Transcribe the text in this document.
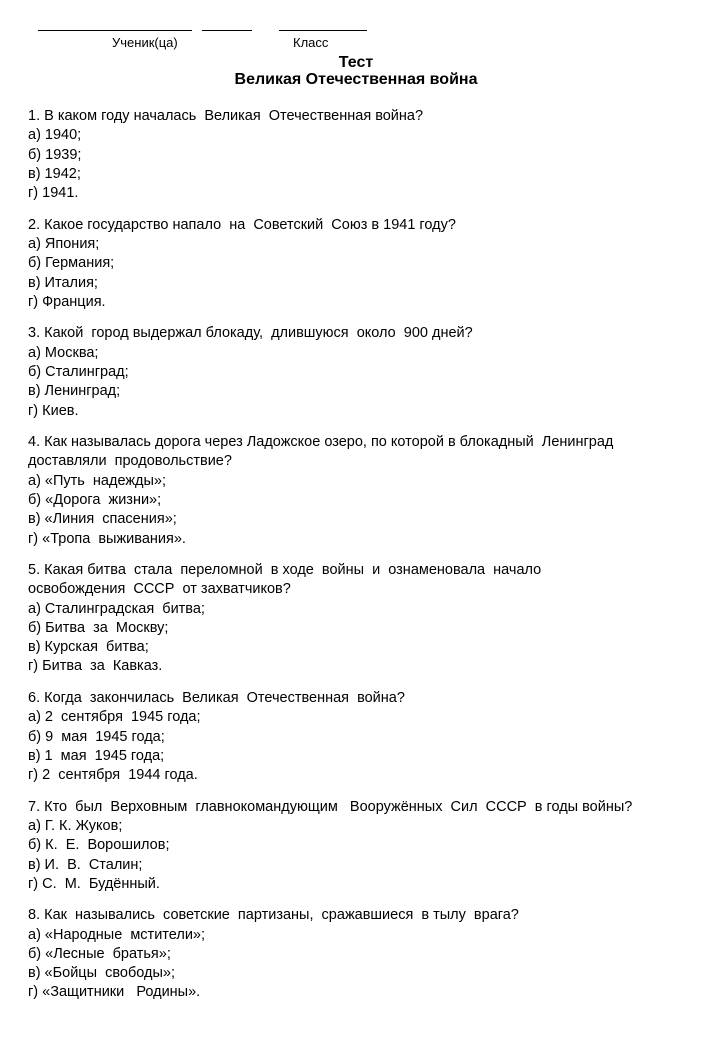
Ученик(ца)	Класс
Тест
Великая Отечественная война
1. В каком году началась  Великая  Отечественная война?
а) 1940;
б) 1939;
в) 1942;
г) 1941.
2. Какое государство напало  на  Советский  Союз в 1941 году?
а) Япония;
б) Германия;
в) Италия;
г) Франция.
3. Какой  город выдержал блокаду,  длившуюся  около  900 дней?
а) Москва;
б) Сталинград;
в) Ленинград;
г) Киев.
4. Как называлась дорога через Ладожское озеро, по которой в блокадный  Ленинград
доставляли  продовольствие?
а) «Путь  надежды»;
б) «Дорога  жизни»;
в) «Линия  спасения»;
г) «Тропа  выживания».
5. Какая битва  стала  переломной  в ходе  войны  и  ознаменовала  начало
освобождения  СССР  от захватчиков?
а) Сталинградская  битва;
б) Битва  за  Москву;
в) Курская  битва;
г) Битва  за  Кавказ.
6. Когда  закончилась  Великая  Отечественная  война?
а) 2  сентября  1945 года;
б) 9  мая  1945 года;
в) 1  мая  1945 года;
г) 2  сентября  1944 года.
7. Кто  был  Верховным  главнокомандующим   Вооружённых  Сил  СССР  в годы войны?
а) Г. К. Жуков;
б) К.  Е.  Ворошилов;
в) И.  В.  Сталин;
г) С.  М.  Будённый.
8. Как  назывались  советские  партизаны,  сражавшиеся  в тылу  врага?
а) «Народные  мстители»;
б) «Лесные  братья»;
в) «Бойцы  свободы»;
г) «Защитники   Родины».
